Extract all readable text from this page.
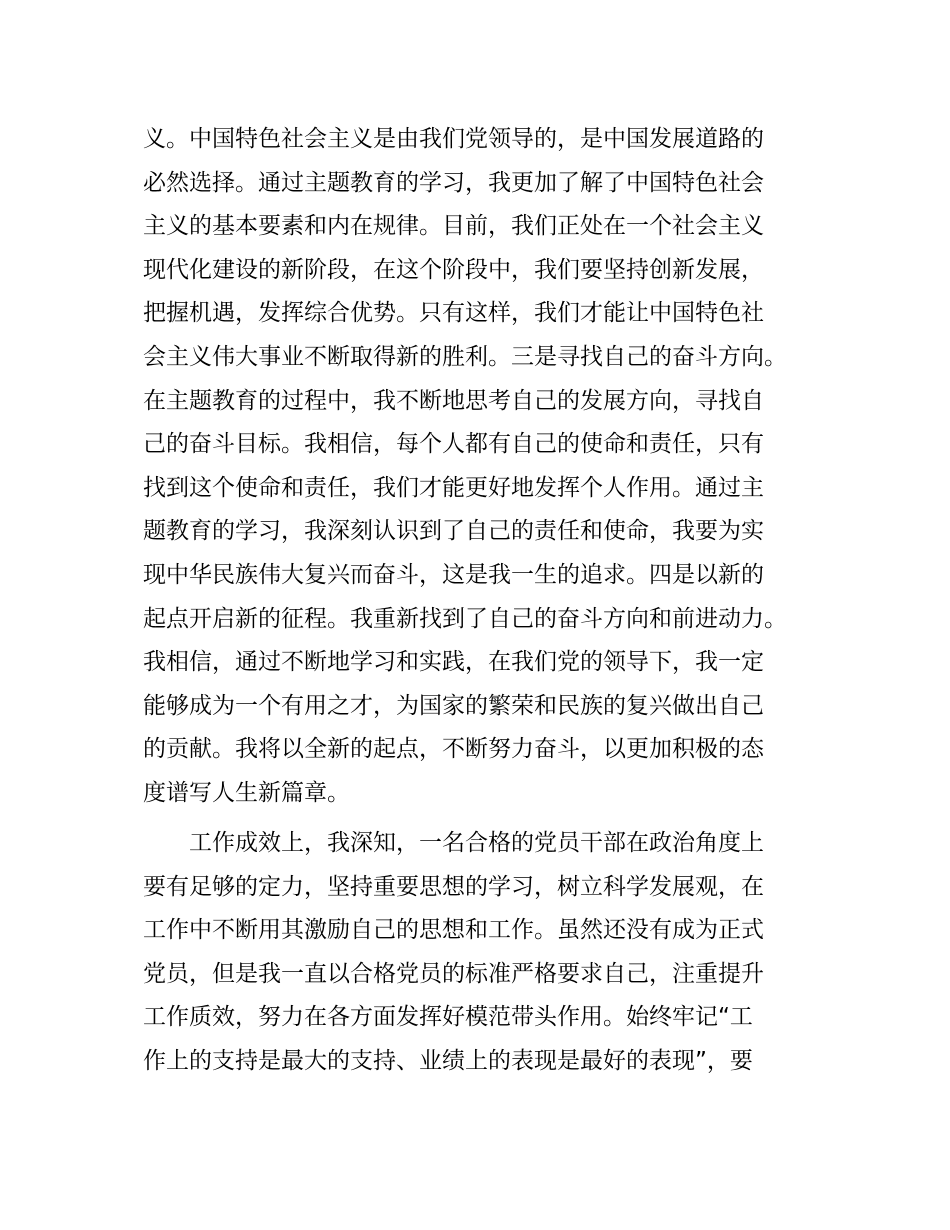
义。中国特色社会主义是由我们党领导的，是中国发展道路的
必然选择。通过主题教育的学习，我更加了解了中国特色社会
主义的基本要素和内在规律。目前，我们正处在一个社会主义
现代化建设的新阶段，在这个阶段中，我们要坚持创新发展，
把握机遇，发挥综合优势。只有这样，我们才能让中国特色社
会主义伟大事业不断取得新的胜利。三是寻找自己的奋斗方向。
在主题教育的过程中，我不断地思考自己的发展方向，寻找自
己的奋斗目标。我相信，每个人都有自己的使命和责任，只有
找到这个使命和责任，我们才能更好地发挥个人作用。通过主
题教育的学习，我深刻认识到了自己的责任和使命，我要为实
现中华民族伟大复兴而奋斗，这是我一生的追求。四是以新的
起点开启新的征程。我重新找到了自己的奋斗方向和前进动力。
我相信，通过不断地学习和实践，在我们党的领导下，我一定
能够成为一个有用之才，为国家的繁荣和民族的复兴做出自己
的贡献。我将以全新的起点，不断努力奋斗，以更加积极的态
度谱写人生新篇章。

工作成效上，我深知，一名合格的党员干部在政治角度上
要有足够的定力，坚持重要思想的学习，树立科学发展观，在
工作中不断用其激励自己的思想和工作。虽然还没有成为正式
党员，但是我一直以合格党员的标准严格要求自己，注重提升
工作质效，努力在各方面发挥好模范带头作用。始终牢记“工
作上的支持是最大的支持、业绩上的表现是最好的表现”，要
